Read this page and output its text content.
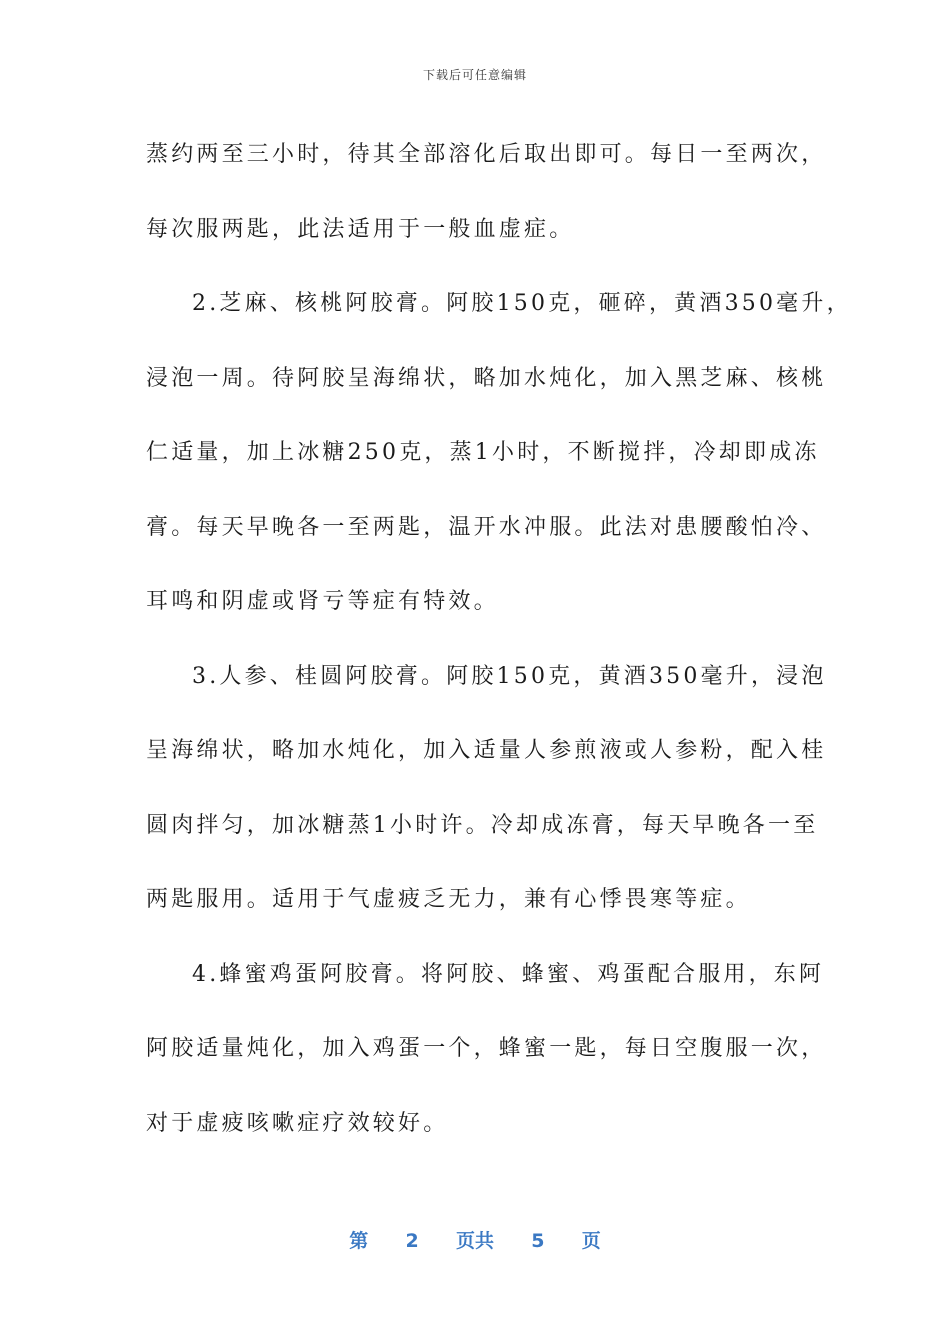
下载后可任意编辑
蒸约两至三小时，待其全部溶化后取出即可。每日一至两次，
每次服两匙，此法适用于一般血虚症。
2.芝麻、核桃阿胶膏。阿胶150克，砸碎，黄酒350毫升，
浸泡一周。待阿胶呈海绵状，略加水炖化，加入黑芝麻、核桃
仁适量，加上冰糖250克，蒸1小时，不断搅拌，冷却即成冻
膏。每天早晚各一至两匙，温开水冲服。此法对患腰酸怕冷、
耳鸣和阴虚或肾亏等症有特效。
3.人参、桂圆阿胶膏。阿胶150克，黄酒350毫升，浸泡
呈海绵状，略加水炖化，加入适量人参煎液或人参粉，配入桂
圆肉拌匀，加冰糖蒸1小时许。冷却成冻膏，每天早晚各一至
两匙服用。适用于气虚疲乏无力，兼有心悸畏寒等症。
4.蜂蜜鸡蛋阿胶膏。将阿胶、蜂蜜、鸡蛋配合服用，东阿
阿胶适量炖化，加入鸡蛋一个，蜂蜜一匙，每日空腹服一次，
对于虚疲咳嗽症疗效较好。
第 2 页共 5 页
